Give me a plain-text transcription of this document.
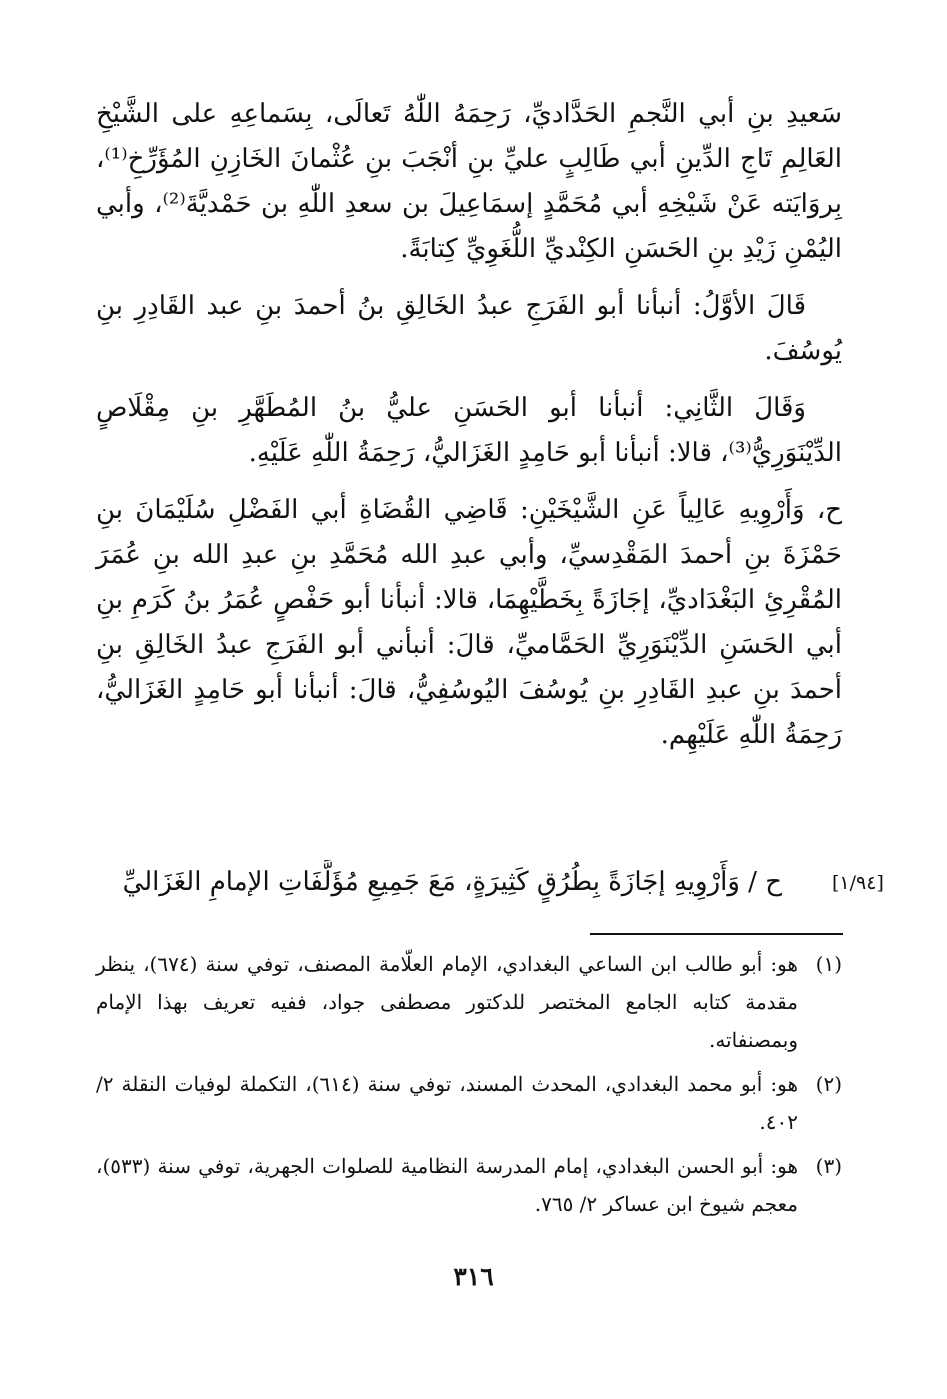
سَعيدِ بنِ أبي النَّجمِ الحَدَّاديِّ، رَحِمَهُ اللّٰهُ تَعالَى، بِسَماعِهِ على الشَّيْخِ العَالِمِ تَاجِ الدِّينِ أبي طَالِبٍ عليِّ بنِ أنْجَبَ بنِ عُثْمانَ الخَازِنِ المُؤَرِّخِ⁽¹⁾، بِروَايَته عَنْ شَيْخِهِ أبي مُحَمَّدٍ إسمَاعِيلَ بن سعدِ اللّٰهِ بن حَمْديَّةَ⁽²⁾، وأبي اليُمْنِ زَيْدِ بنِ الحَسَنِ الكِنْديِّ اللُّغَوِيِّ كِتابَةً.

قَالَ الأوَّلُ: أنبأنا أبو الفَرَجِ عبدُ الخَالِقِ بنُ أحمدَ بنِ عبد القَادِرِ بنِ يُوسُفَ.

وَقَالَ الثَّانِي: أنبأنا أبو الحَسَنِ عليُّ بنُ المُطَهَّرِ بنِ مِقْلَاصٍ الدِّيْنَوَرِيُّ⁽³⁾، قالا: أنبأنا أبو حَامِدٍ الغَزَاليُّ، رَحِمَةُ اللّٰهِ عَلَيْهِ.

ح، وَأَرْوِيهِ عَالِياً عَنِ الشَّيْخَيْنِ: قَاضِي القُضَاةِ أبي الفَضْلِ سُلَيْمَانَ بنِ حَمْزَةَ بنِ أحمدَ المَقْدِسيِّ، وأبي عبدِ الله مُحَمَّدِ بنِ عبدِ الله بنِ عُمَرَ المُقْرِئِ البَغْدَاديِّ، إجَازَةً بِخَطَّيْهِمَا، قالا: أنبأنا أبو حَفْصٍ عُمَرُ بنُ كَرَمِ بنِ أبي الحَسَنِ الدِّيْنَوَرِيِّ الحَمَّاميِّ، قالَ: أنبأني أبو الفَرَجِ عبدُ الخَالِقِ بنِ أحمدَ بنِ عبدِ القَادِرِ بنِ يُوسُفَ اليُوسُفِيُّ، قالَ: أنبأنا أبو حَامِدٍ الغَزَاليُّ، رَحِمَةُ اللّٰهِ عَلَيْهِم.

ح / وَأَرْوِيهِ إجَازَةً بِطُرُقٍ كَثِيرَةٍ، مَعَ جَمِيعِ مُؤَلَّفَاتِ الإمامِ الغَزَاليِّ	[١/٩٤]
(١)
هو: أبو طالب ابن الساعي البغدادي، الإمام العلّامة المصنف، توفي سنة (٦٧٤)، ينظر مقدمة كتابه الجامع المختصر للدكتور مصطفى جواد، ففيه تعريف بهذا الإمام وبمصنفاته.
(٢)
هو: أبو محمد البغدادي، المحدث المسند، توفي سنة (٦١٤)، التكملة لوفيات النقلة ٢/ ٤٠٢.
(٣)
هو: أبو الحسن البغدادي، إمام المدرسة النظامية للصلوات الجهرية، توفي سنة (٥٣٣)، معجم شيوخ ابن عساكر ٢/ ٧٦٥.
٣١٦
